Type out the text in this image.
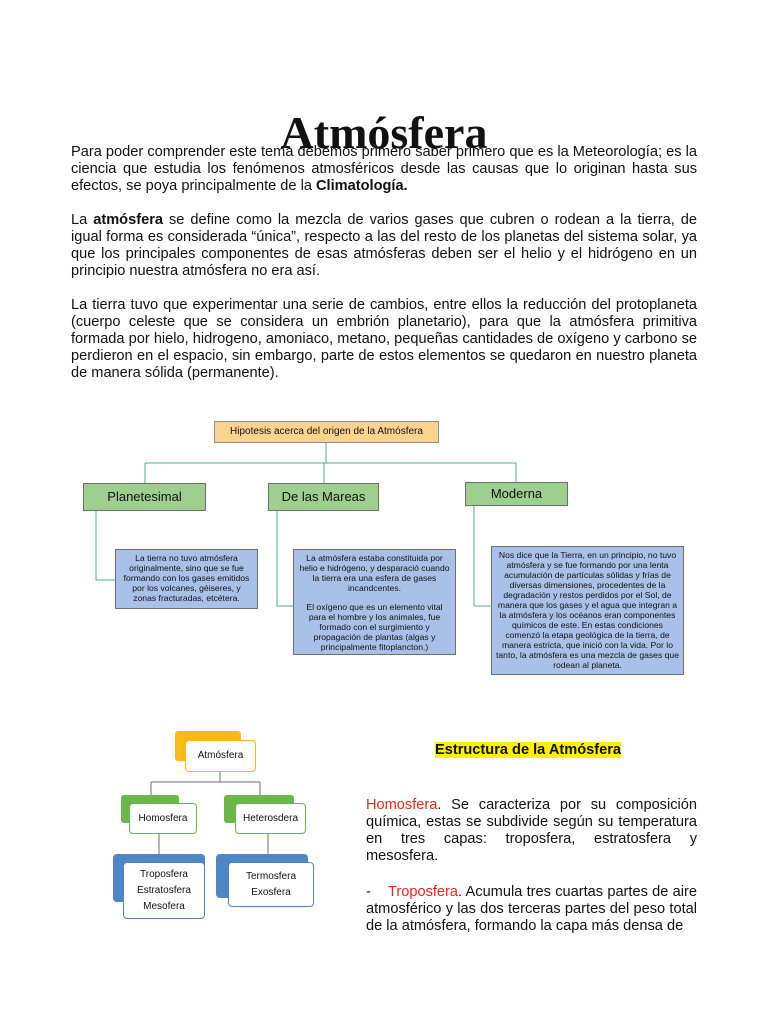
Atmósfera

Para poder comprender este tema debemos primero saber primero que es la Meteorología; es la ciencia que estudia los fenómenos atmosféricos desde las causas que lo originan hasta sus efectos, se poya principalmente de la Climatología.

La atmósfera se define como la mezcla de varios gases que cubren o rodean a la tierra, de igual forma es considerada “única”, respecto a las del resto de los planetas del sistema solar, ya que los principales componentes de esas atmósferas deben ser el helio y el hidrógeno en un principio nuestra atmósfera no era así.

La tierra tuvo que experimentar una serie de cambios, entre ellos la reducción del protoplaneta (cuerpo celeste que se considera un embrión planetario), para que la atmósfera primitiva formada por hielo, hidrogeno, amoniaco, metano, pequeñas cantidades de oxígeno y carbono se perdieron en el espacio, sin embargo, parte de estos elementos se quedaron en nuestro planeta de manera sólida (permanente).

Hipotesis acerca del origen de la Atmósfera
Planetesimal	De las Mareas	Moderna
La tierra no tuvo atmósfera originalmente, sino que se fue formando con los gases emitidos por los volcanes, géiseres, y zonas fracturadas, etcétera.
La atmósfera estaba constituida por helio e hidrógeno, y desparació cuando la tierra era una esfera de gases incandcentes.
El oxígeno que es un elemento vital para el hombre y los animales, fue formado con el surgimiento y propagación de plantas (algas y principalmente fitoplancton.)
Nos dice que la Tierra, en un principio, no tuvo atmósfera y se fue formando por una lenta acumulación de partículas sólidas y frías de diversas dimensiones, procedentes de la degradación y restos perdidos por el Sol, de manera que los gases y el agua que integran a la atmósfera y los océanos eran componentes químicos de este. En estas condiciones comenzó la etapa geológica de la tierra, de manera estricta, que inició con la vida. Por lo tanto, la atmósfera es una mezcla de gases que rodean al planeta.
Atmósfera
Homosfera	Heterosdera
Troposfera
Estratosfera
Mesofera
Termosfera
Exosfera
Estructura de la Atmósfera

Homosfera. Se caracteriza por su composición química, estas se subdivide según su temperatura en tres capas: troposfera, estratosfera y mesosfera.

- Troposfera. Acumula tres cuartas partes de aire atmosférico y las dos terceras partes del peso total de la atmósfera, formando la capa más densa de
